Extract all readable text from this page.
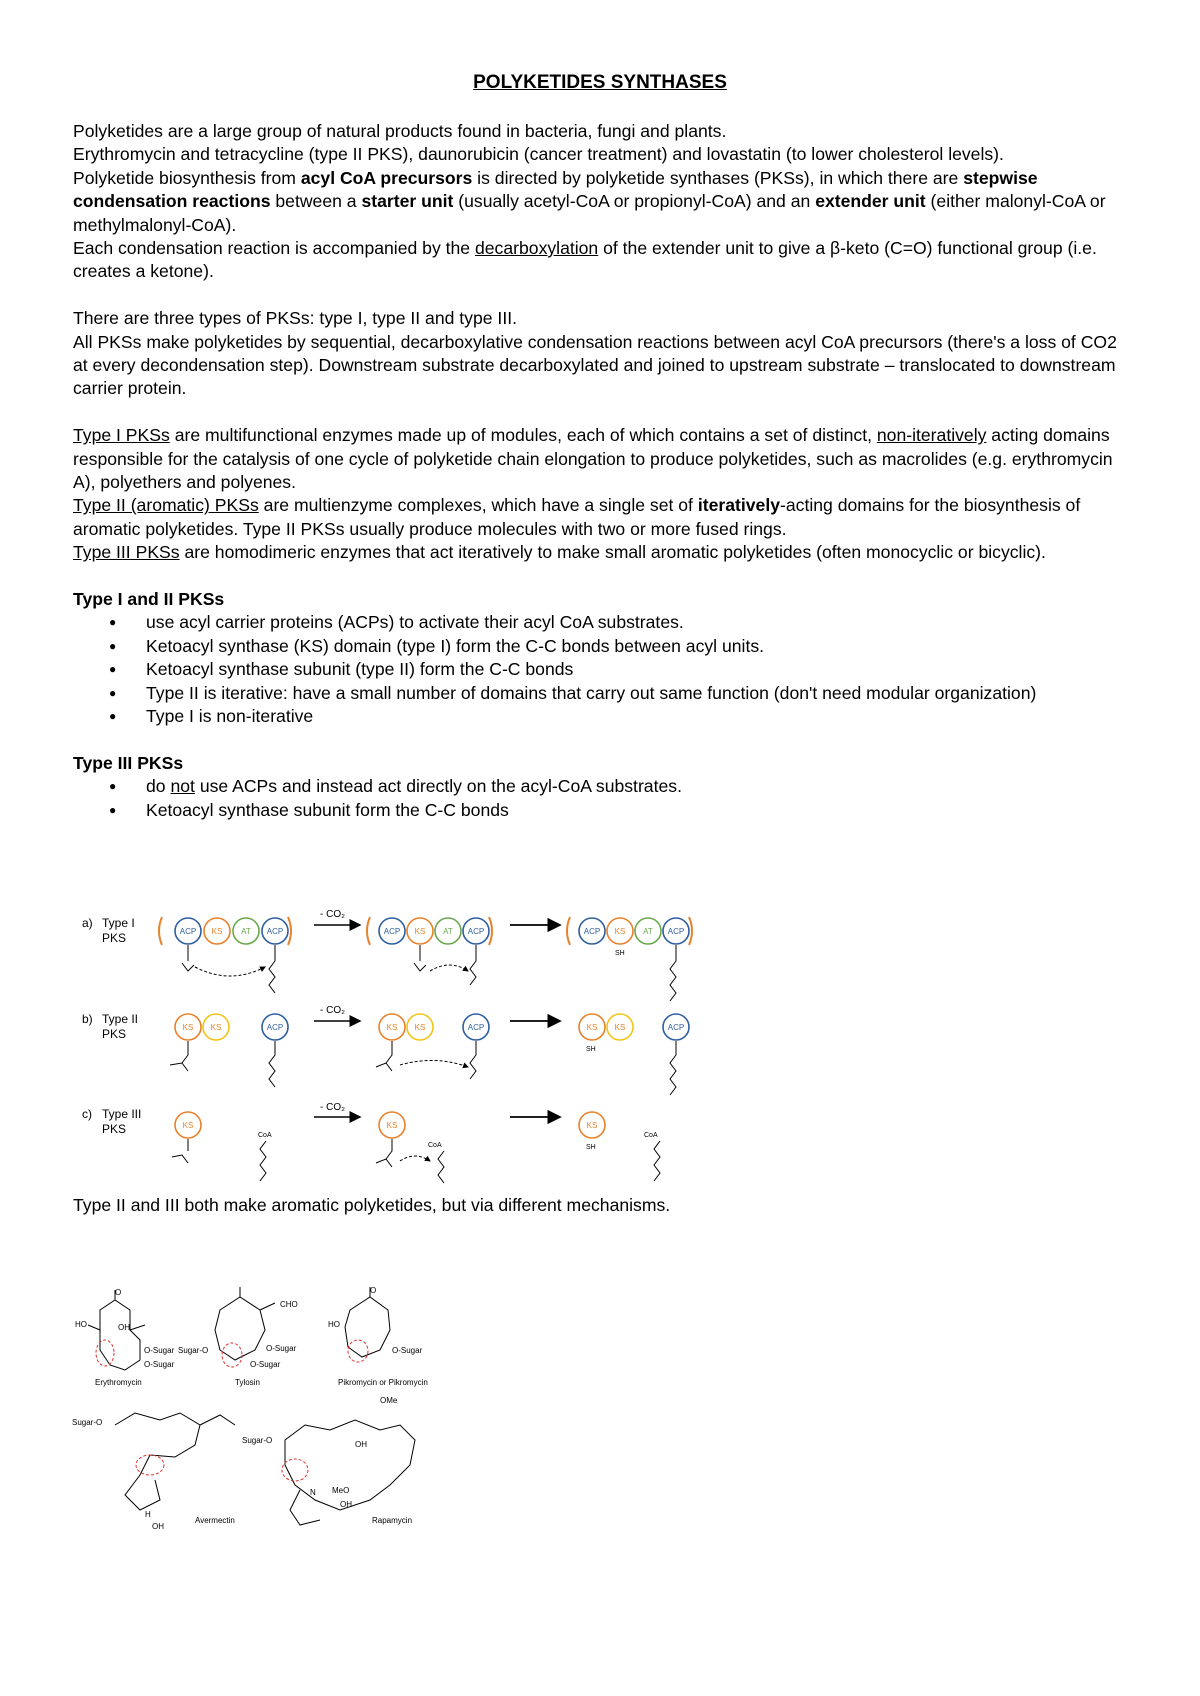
POLYKETIDES SYNTHASES

Polyketides are a large group of natural products found in bacteria, fungi and plants.

Erythromycin and tetracycline (type II PKS), daunorubicin (cancer treatment) and lovastatin (to lower cholesterol levels).

Polyketide biosynthesis from acyl CoA precursors is directed by polyketide synthases (PKSs), in which there are stepwise condensation reactions between a starter unit (usually acetyl-CoA or propionyl-CoA) and an extender unit (either malonyl-CoA or methylmalonyl-CoA).

Each condensation reaction is accompanied by the decarboxylation of the extender unit to give a β-keto (C=O) functional group (i.e. creates a ketone).

There are three types of PKSs: type I, type II and type III.

All PKSs make polyketides by sequential, decarboxylative condensation reactions between acyl CoA precursors (there's a loss of CO2 at every decondensation step). Downstream substrate decarboxylated and joined to upstream substrate – translocated to downstream carrier protein.

Type I PKSs are multifunctional enzymes made up of modules, each of which contains a set of distinct, non-iteratively acting domains responsible for the catalysis of one cycle of polyketide chain elongation to produce polyketides, such as macrolides (e.g. erythromycin A), polyethers and polyenes.

Type II (aromatic) PKSs are multienzyme complexes, which have a single set of iteratively-acting domains for the biosynthesis of aromatic polyketides. Type II PKSs usually produce molecules with two or more fused rings.

Type III PKSs are homodimeric enzymes that act iteratively to make small aromatic polyketides (often monocyclic or bicyclic).

Type I and II PKSs

● use acyl carrier proteins (ACPs) to activate their acyl CoA substrates.
● Ketoacyl synthase (KS) domain (type I) form the C-C bonds between acyl units.
● Ketoacyl synthase subunit (type II) form the C-C bonds
● Type II is iterative: have a small number of domains that carry out same function (don't need modular organization)
● Type I is non-iterative

Type III PKSs

● do not use ACPs and instead act directly on the acyl-CoA substrates.
● Ketoacyl synthase subunit form the C-C bonds
a) Type I
PKS	ACP KS AT ACP
- CO₂
ACP KS AT ACP	ACP KS AT ACP
SH
b) Type II
PKS	KS KS	ACP
- CO₂
KS KS	ACP	KS KS	ACP
SH
c) Type III
PKS	KS
CoA
- CO₂
KS
CoA
KS
SH
CoA
Type II and III both make aromatic polyketides, but via different mechanisms.
HO	OH
O
O-Sugar
O-Sugar
Erythromycin
CHO
Sugar-O	O-Sugar
O-Sugar
Tylosin
HO
O
O-Sugar
Pikromycin or Pikromycin
Sugar-O
H
OH
Avermectin
Sugar-O
OMe
OH
N MeO
OH
Rapamycin
